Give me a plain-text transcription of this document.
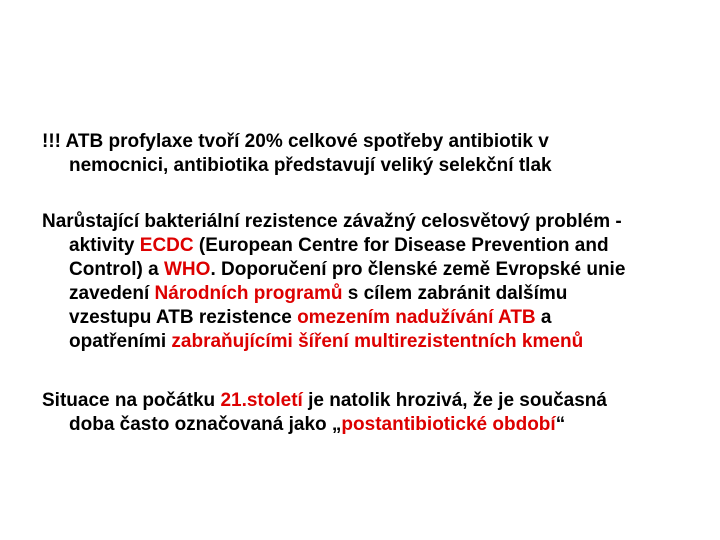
!!! ATB profylaxe tvoří 20% celkové spotřeby antibiotik v
nemocnici, antibiotika představují veliký selekční tlak
Narůstající bakteriální rezistence závažný celosvětový problém -
aktivity ECDC (European Centre for Disease Prevention and
Control) a WHO. Doporučení pro členské země Evropské unie
zavedení Národních programů s cílem zabránit dalšímu
vzestupu ATB rezistence omezením nadužívání ATB a
opatřeními zabraňujícími šíření multirezistentních kmenů
Situace na počátku 21.století je natolik hrozivá, že je současná
doba často označovaná jako „postantibiotické období“
